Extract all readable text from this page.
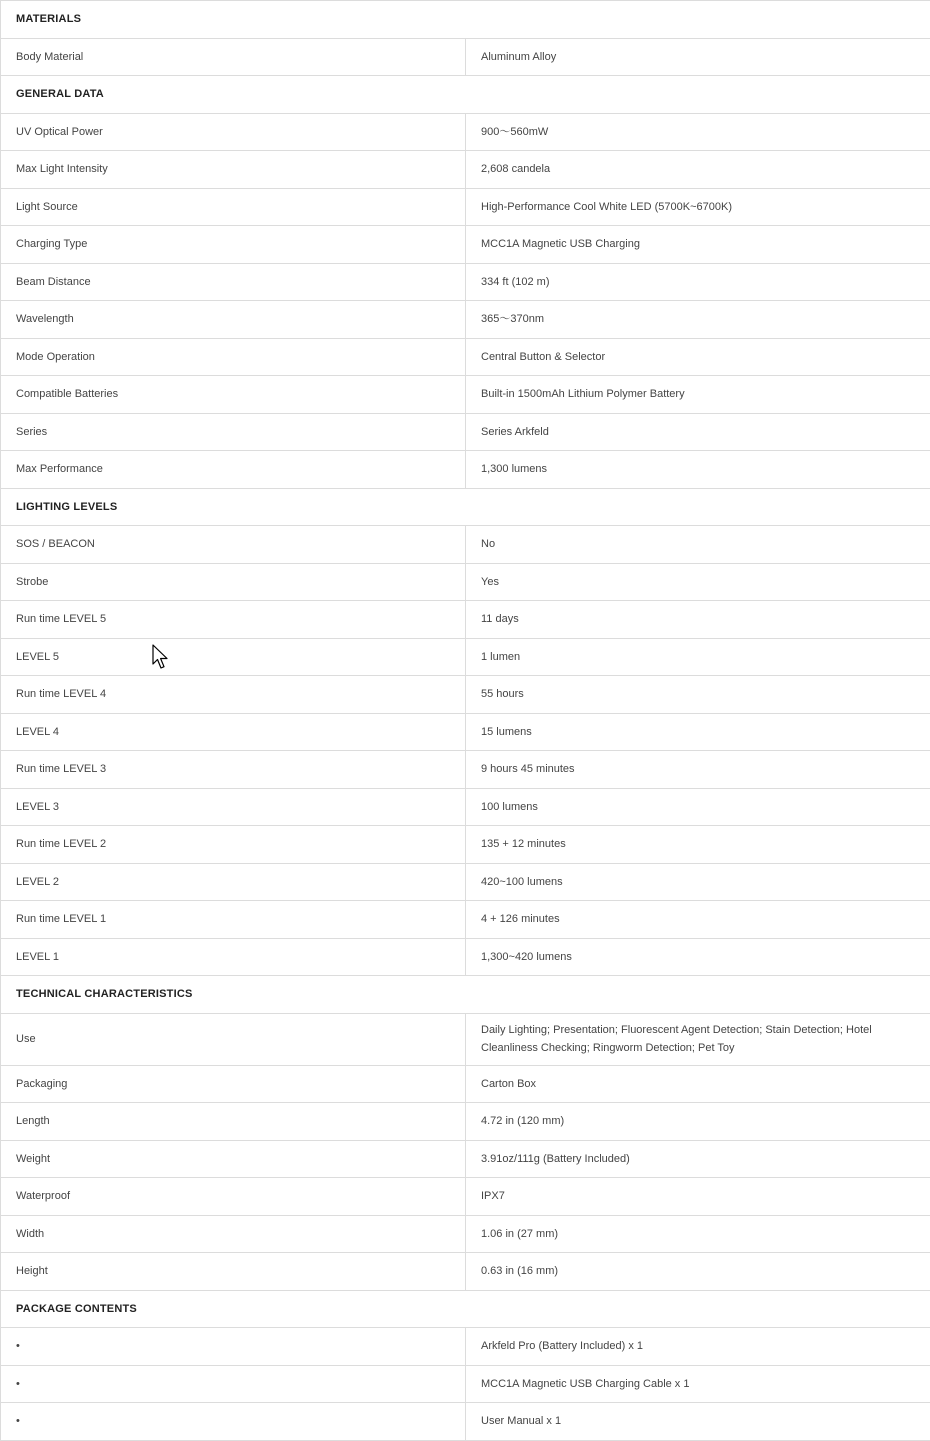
MATERIALS	
Body Material	Aluminum Alloy
GENERAL DATA	
UV Optical Power	900～560mW
Max Light Intensity	2,608 candela
Light Source	High-Performance Cool White LED (5700K~6700K)
Charging Type	MCC1A Magnetic USB Charging
Beam Distance	334 ft (102 m)
Wavelength	365～370nm
Mode Operation	Central Button & Selector
Compatible Batteries	Built-in 1500mAh Lithium Polymer Battery
Series	Series Arkfeld
Max Performance	1,300 lumens
LIGHTING LEVELS	
SOS / BEACON	No
Strobe	Yes
Run time LEVEL 5	11 days
LEVEL 5	1 lumen
Run time LEVEL 4	55 hours
LEVEL 4	15 lumens
Run time LEVEL 3	9 hours 45 minutes
LEVEL 3	100 lumens
Run time LEVEL 2	135 + 12 minutes
LEVEL 2	420~100 lumens
Run time LEVEL 1	4 + 126 minutes
LEVEL 1	1,300~420 lumens
TECHNICAL CHARACTERISTICS	
Use	Daily Lighting; Presentation; Fluorescent Agent Detection; Stain Detection; Hotel Cleanliness Checking; Ringworm Detection; Pet Toy
Packaging	Carton Box
Length	4.72 in (120 mm)
Weight	3.91oz/111g (Battery Included)
Waterproof	IPX7
Width	1.06 in (27 mm)
Height	0.63 in (16 mm)
PACKAGE CONTENTS	
•	Arkfeld Pro (Battery Included) x 1
•	MCC1A Magnetic USB Charging Cable x 1
•	User Manual x 1
